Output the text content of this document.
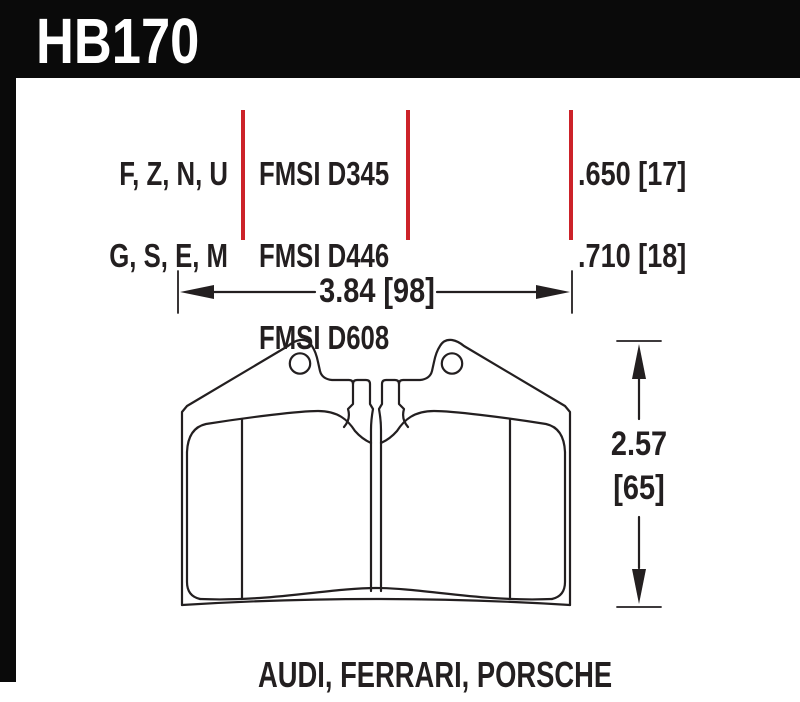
HB170

F, Z, N, U

G, S, E, M

FMSI D345

FMSI D446

FMSI D608

.650 [17]

.710 [18]

3.84 [98]
2.57
[65]
AUDI, FERRARI, PORSCHE
